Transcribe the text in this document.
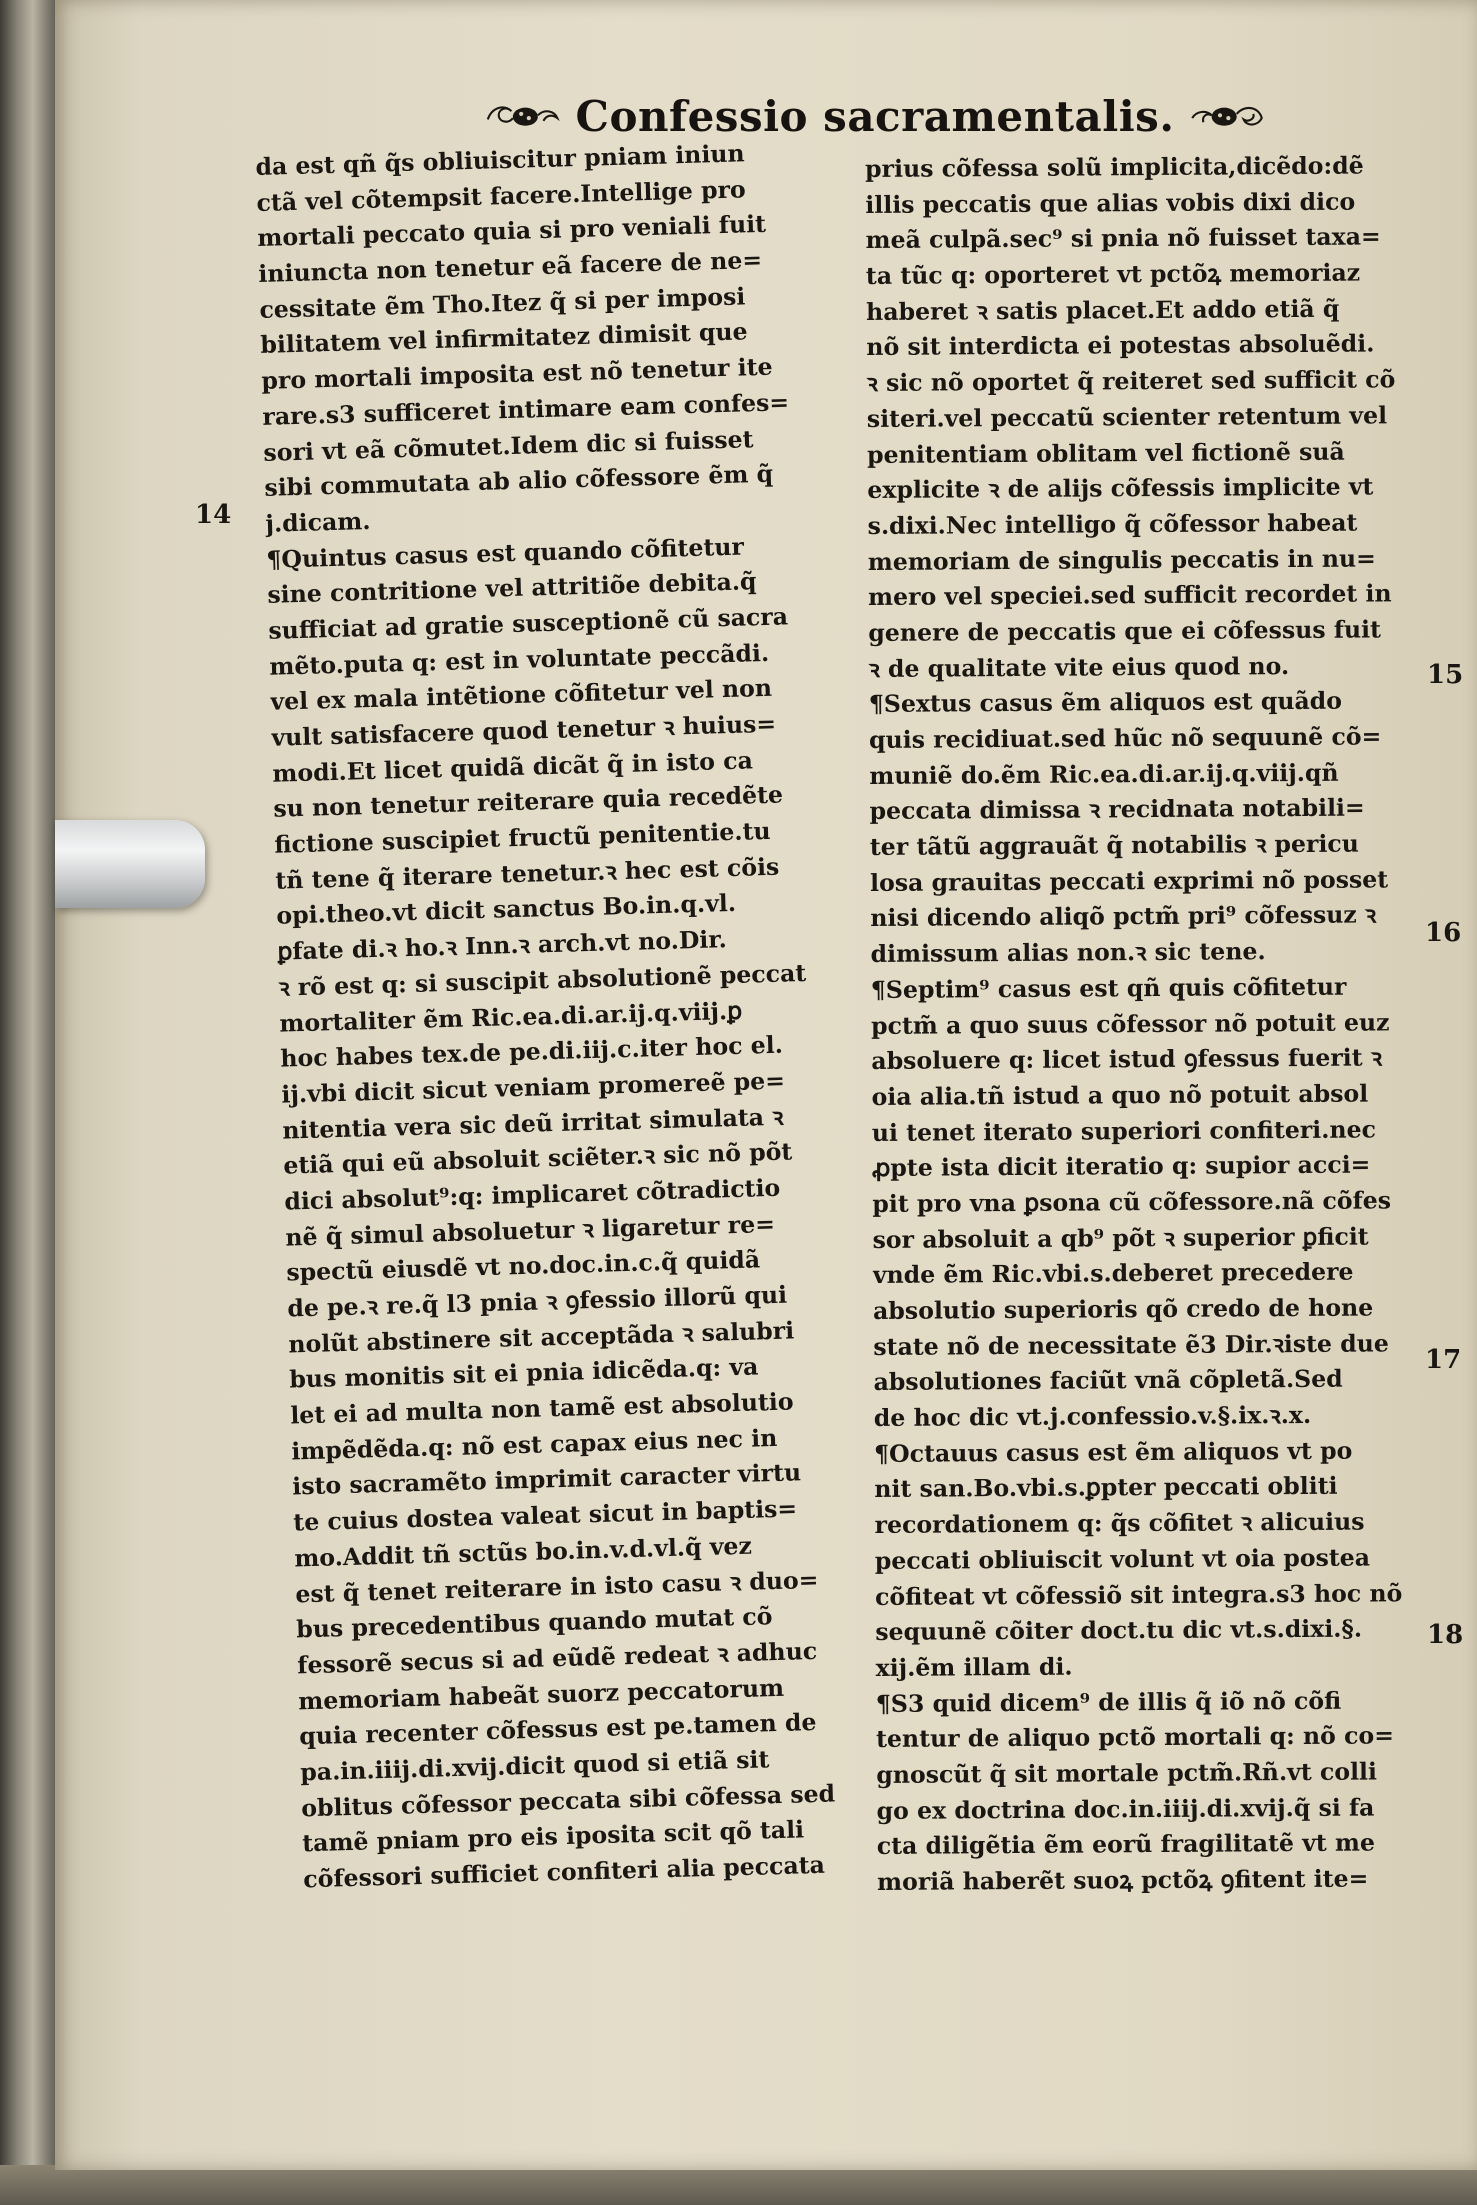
Confessio sacramentalis.
da est qñ q̃s obliuiscitur pniam iniun
ctã vel cõtempsit facere.Intellige pro
mortali peccato quia si pro veniali fuit
iniuncta non tenetur eã facere de ne=
cessitate ẽm Tho.Itez q̃ si per imposi
bilitatem vel infirmitatez dimisit que
pro mortali imposita est nõ tenetur ite
rare.s3 sufficeret intimare eam confes=
sori vt eã cõmutet.Idem dic si fuisset
sibi commutata ab alio cõfessore ẽm q̃
j.dicam.
¶Quintus casus est quando cõfitetur
sine contritione vel attritiõe debita.q̃
sufficiat ad gratie susceptionẽ cũ sacra
mẽto.puta q: est in voluntate peccãdi.
vel ex mala intẽtione cõfitetur vel non
vult satisfacere quod tenetur ꝛ huius=
modi.Et licet quidã dicãt q̃ in isto ca
su non tenetur reiterare quia recedẽte
fictione suscipiet fructũ penitentie.tu
tñ tene q̃ iterare tenetur.ꝛ hec est cõis
opi.theo.vt dicit sanctus Bo.in.q.vl.
ꝑfate di.ꝛ ho.ꝛ Inn.ꝛ arch.vt no.Dir.
ꝛ rõ est q: si suscipit absolutionẽ peccat
mortaliter ẽm Ric.ea.di.ar.ij.q.viij.ꝑ
hoc habes tex.de pe.di.iij.c.iter hoc el.
ij.vbi dicit sicut veniam promereẽ pe=
nitentia vera sic deũ irritat simulata ꝛ
etiã qui eũ absoluit sciẽter.ꝛ sic nõ põt
dici absolut⁹:q: implicaret cõtradictio
nẽ q̃ simul absoluetur ꝛ ligaretur re=
spectũ eiusdẽ vt no.doc.in.c.q̃ quidã
de pe.ꝛ re.q̃ l3 pnia ꝛ ꝯfessio illorũ qui
nolũt abstinere sit acceptãda ꝛ salubri
bus monitis sit ei pnia idicẽda.q: va
let ei ad multa non tamẽ est absolutio
impẽdẽda.q: nõ est capax eius nec in
isto sacramẽto imprimit caracter virtu
te cuius dostea valeat sicut in baptis=
mo.Addit tñ sctũs bo.in.v.d.vl.q̃ vez
est q̃ tenet reiterare in isto casu ꝛ duo=
bus precedentibus quando mutat cõ
fessorẽ secus si ad eũdẽ redeat ꝛ adhuc
memoriam habeãt suorz peccatorum
quia recenter cõfessus est pe.tamen de
pa.in.iiij.di.xvij.dicit quod si etiã sit
oblitus cõfessor peccata sibi cõfessa sed
tamẽ pniam pro eis iposita scit qõ tali
cõfessori sufficiet confiteri alia peccata
prius cõfessa solũ implicita,dicẽdo:dẽ
illis peccatis que alias vobis dixi dico
meã culpã.sec⁹ si pnia nõ fuisset taxa=
ta tũc q: oporteret vt pctõꝝ memoriaz
haberet ꝛ satis placet.Et addo etiã q̃
nõ sit interdicta ei potestas absoluẽdi.
ꝛ sic nõ oportet q̃ reiteret sed sufficit cõ
siteri.vel peccatũ scienter retentum vel
penitentiam oblitam vel fictionẽ suã
explicite ꝛ de alijs cõfessis implicite vt
s.dixi.Nec intelligo q̃ cõfessor habeat
memoriam de singulis peccatis in nu=
mero vel speciei.sed sufficit recordet in
genere de peccatis que ei cõfessus fuit
ꝛ de qualitate vite eius quod no.
¶Sextus casus ẽm aliquos est quãdo
quis recidiuat.sed hũc nõ sequunẽ cõ=
muniẽ do.ẽm Ric.ea.di.ar.ij.q.viij.qñ
peccata dimissa ꝛ recidnata notabili=
ter tãtũ aggrauãt q̃ notabilis ꝛ pericu
losa grauitas peccati exprimi nõ posset
nisi dicendo aliqõ pctm̃ pri⁹ cõfessuz ꝛ
dimissum alias non.ꝛ sic tene.
¶Septim⁹ casus est qñ quis cõfitetur
pctm̃ a quo suus cõfessor nõ potuit euz
absoluere q: licet istud ꝯfessus fuerit ꝛ
oia alia.tñ istud a quo nõ potuit absol
ui tenet iterato superiori confiteri.nec
ꝓpte ista dicit iteratio q: supior acci=
pit pro vna ꝑsona cũ cõfessore.nã cõfes
sor absoluit a qb⁹ põt ꝛ superior ꝑficit
vnde ẽm Ric.vbi.s.deberet precedere
absolutio superioris qõ credo de hone
state nõ de necessitate ẽ3 Dir.ꝛiste due
absolutiones faciũt vnã cõpletã.Sed
de hoc dic vt.j.confessio.v.§.ix.ꝛ.x.
¶Octauus casus est ẽm aliquos vt po
nit san.Bo.vbi.s.ꝑpter peccati obliti
recordationem q: q̃s cõfitet ꝛ alicuius
peccati obliuiscit volunt vt oia postea
cõfiteat vt cõfessiõ sit integra.s3 hoc nõ
sequunẽ cõiter doct.tu dic vt.s.dixi.§.
xij.ẽm illam di.
¶S3 quid dicem⁹ de illis q̃ iõ nõ cõfi
tentur de aliquo pctõ mortali q: nõ co=
gnoscũt q̃ sit mortale pctm̃.Rñ.vt colli
go ex doctrina doc.in.iiij.di.xvij.q̃ si fa
cta diligẽtia ẽm eorũ fragilitatẽ vt me
moriã haberẽt suoꝝ pctõꝝ ꝯfitent ite=
14
15
16
17
18
